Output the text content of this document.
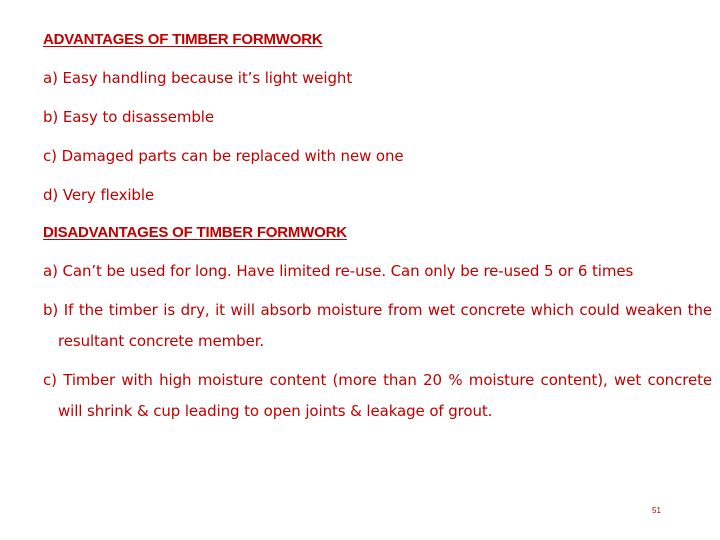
ADVANTAGES OF TIMBER FORMWORK
a) Easy handling because it’s light weight
b) Easy to disassemble
c) Damaged parts can be replaced with new one
d) Very flexible
DISADVANTAGES OF TIMBER FORMWORK
a) Can’t be used for long. Have limited re-use. Can only be re-used 5 or 6 times
b) If the timber is dry, it will absorb moisture from wet concrete which could weaken the resultant concrete member.
c) Timber with high moisture content (more than 20 % moisture content), wet concrete will shrink & cup leading to open joints & leakage of grout.
51
